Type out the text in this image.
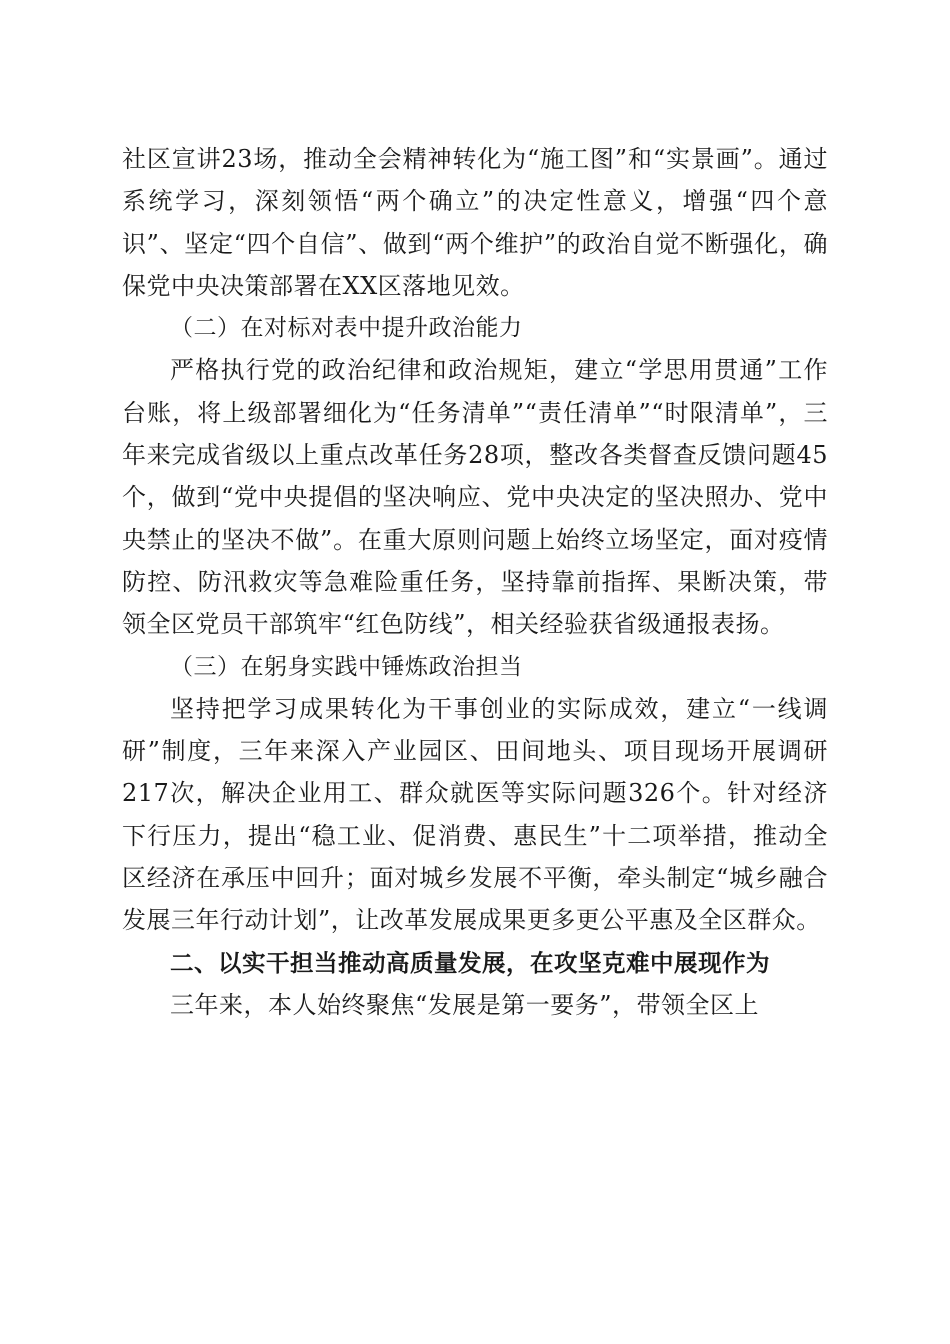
社区宣讲23场，推动全会精神转化为“施工图”和“实景画”。通过系统学习，深刻领悟“两个确立”的决定性意义，增强“四个意识”、坚定“四个自信”、做到“两个维护”的政治自觉不断强化，确保党中央决策部署在XX区落地见效。

（二）在对标对表中提升政治能力

严格执行党的政治纪律和政治规矩，建立“学思用贯通”工作台账，将上级部署细化为“任务清单”“责任清单”“时限清单”，三年来完成省级以上重点改革任务28项，整改各类督查反馈问题45个，做到“党中央提倡的坚决响应、党中央决定的坚决照办、党中央禁止的坚决不做”。在重大原则问题上始终立场坚定，面对疫情防控、防汛救灾等急难险重任务，坚持靠前指挥、果断决策，带领全区党员干部筑牢“红色防线”，相关经验获省级通报表扬。

（三）在躬身实践中锤炼政治担当

坚持把学习成果转化为干事创业的实际成效，建立“一线调研”制度，三年来深入产业园区、田间地头、项目现场开展调研217次，解决企业用工、群众就医等实际问题326个。针对经济下行压力，提出“稳工业、促消费、惠民生”十二项举措，推动全区经济在承压中回升；面对城乡发展不平衡，牵头制定“城乡融合发展三年行动计划”，让改革发展成果更多更公平惠及全区群众。

二、以实干担当推动高质量发展，在攻坚克难中展现作为

三年来，本人始终聚焦“发展是第一要务”，带领全区上
